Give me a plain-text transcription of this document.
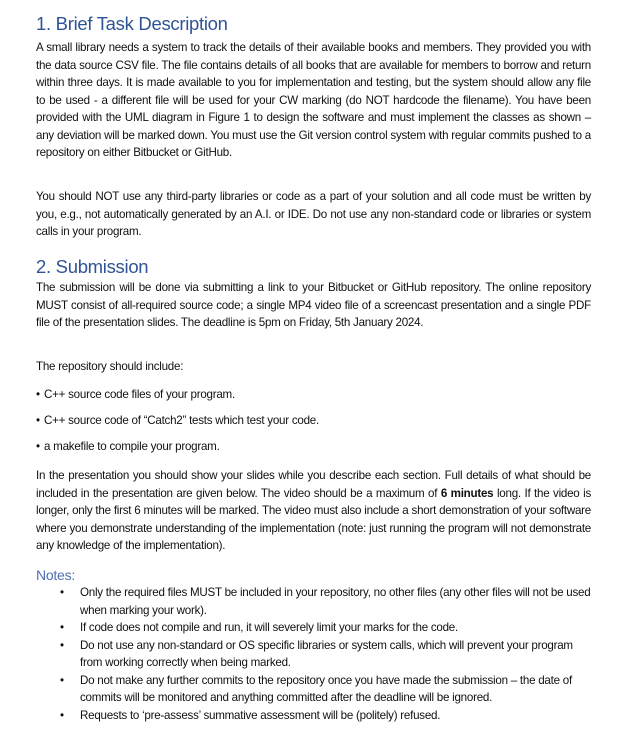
1. Brief Task Description

A small library needs a system to track the details of their available books and members. They provided you with the data source CSV file. The file contains details of all books that are available for members to borrow and return within three days. It is made available to you for implementation and testing, but the system should allow any file to be used - a different file will be used for your CW marking (do NOT hardcode the filename). You have been provided with the UML diagram in Figure 1 to design the software and must implement the classes as shown – any deviation will be marked down. You must use the Git version control system with regular commits pushed to a repository on either Bitbucket or GitHub.

You should NOT use any third-party libraries or code as a part of your solution and all code must be written by you, e.g., not automatically generated by an A.I. or IDE. Do not use any non-standard code or libraries or system calls in your program.

2. Submission

The submission will be done via submitting a link to your Bitbucket or GitHub repository. The online repository MUST consist of all-required source code; a single MP4 video file of a screencast presentation and a single PDF file of the presentation slides. The deadline is 5pm on Friday, 5th January 2024.

The repository should include:

• C++ source code files of your program.
• C++ source code of “Catch2” tests which test your code.
• a makefile to compile your program.

In the presentation you should show your slides while you describe each section. Full details of what should be included in the presentation are given below. The video should be a maximum of 6 minutes long. If the video is longer, only the first 6 minutes will be marked. The video must also include a short demonstration of your software where you demonstrate understanding of the implementation (note: just running the program will not demonstrate any knowledge of the implementation).

Notes:
• Only the required files MUST be included in your repository, no other files (any other files will not be used when marking your work).
• If code does not compile and run, it will severely limit your marks for the code.
• Do not use any non-standard or OS specific libraries or system calls, which will prevent your program from working correctly when being marked.
• Do not make any further commits to the repository once you have made the submission – the date of commits will be monitored and anything committed after the deadline will be ignored.
• Requests to ‘pre-assess’ summative assessment will be (politely) refused.
